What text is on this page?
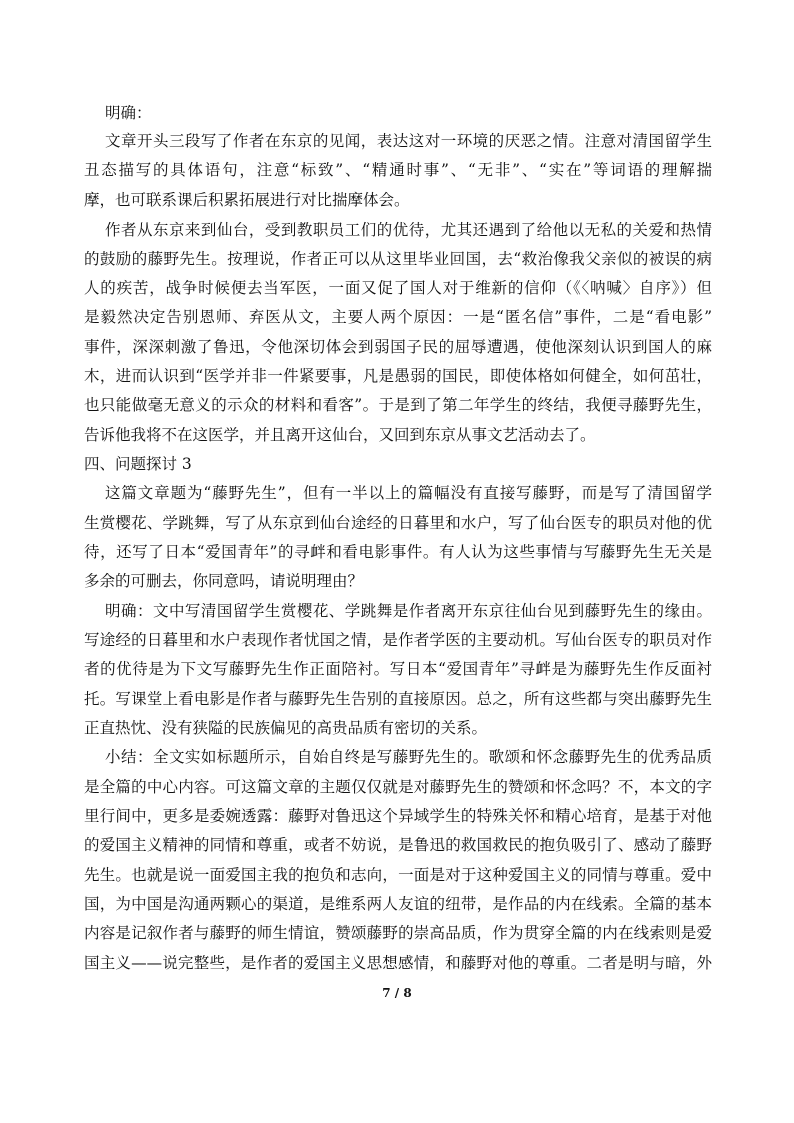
明确：

文章开头三段写了作者在东京的见闻，表达这对一环境的厌恶之情。注意对清国留学生

丑态描写的具体语句，注意“标致”、“精通时事”、“无非”、“实在”等词语的理解揣

摩，也可联系课后积累拓展进行对比揣摩体会。

作者从东京来到仙台，受到教职员工们的优待，尤其还遇到了给他以无私的关爱和热情

的鼓励的藤野先生。按理说，作者正可以从这里毕业回国，去“救治像我父亲似的被误的病

人的疾苦，战争时候便去当军医，一面又促了国人对于维新的信仰（《〈呐喊〉自序》）但

是毅然决定告别恩师、弃医从文，主要人两个原因：一是“匿名信”事件，二是“看电影”

事件，深深刺激了鲁迅，令他深切体会到弱国子民的屈辱遭遇，使他深刻认识到国人的麻

木，进而认识到“医学并非一件紧要事，凡是愚弱的国民，即使体格如何健全，如何茁壮，

也只能做毫无意义的示众的材料和看客”。于是到了第二年学生的终结，我便寻藤野先生，

告诉他我将不在这医学，并且离开这仙台，又回到东京从事文艺活动去了。

四、问题探讨 3

这篇文章题为“藤野先生”，但有一半以上的篇幅没有直接写藤野，而是写了清国留学

生赏樱花、学跳舞，写了从东京到仙台途经的日暮里和水户，写了仙台医专的职员对他的优

待，还写了日本“爱国青年”的寻衅和看电影事件。有人认为这些事情与写藤野先生无关是

多余的可删去，你同意吗，请说明理由？

明确：文中写清国留学生赏樱花、学跳舞是作者离开东京往仙台见到藤野先生的缘由。

写途经的日暮里和水户表现作者忧国之情，是作者学医的主要动机。写仙台医专的职员对作

者的优待是为下文写藤野先生作正面陪衬。写日本“爱国青年”寻衅是为藤野先生作反面衬

托。写课堂上看电影是作者与藤野先生告别的直接原因。总之，所有这些都与突出藤野先生

正直热忱、没有狭隘的民族偏见的高贵品质有密切的关系。

小结：全文实如标题所示，自始自终是写藤野先生的。歌颂和怀念藤野先生的优秀品质

是全篇的中心内容。可这篇文章的主题仅仅就是对藤野先生的赞颂和怀念吗？不，本文的字

里行间中，更多是委婉透露：藤野对鲁迅这个异域学生的特殊关怀和精心培育，是基于对他

的爱国主义精神的同情和尊重，或者不妨说，是鲁迅的救国救民的抱负吸引了、感动了藤野

先生。也就是说一面爱国主我的抱负和志向，一面是对于这种爱国主义的同情与尊重。爱中

国，为中国是沟通两颗心的渠道，是维系两人友谊的纽带，是作品的内在线索。全篇的基本

内容是记叙作者与藤野的师生情谊，赞颂藤野的崇高品质，作为贯穿全篇的内在线索则是爱

国主义——说完整些，是作者的爱国主义思想感情，和藤野对他的尊重。二者是明与暗，外

7 / 8
